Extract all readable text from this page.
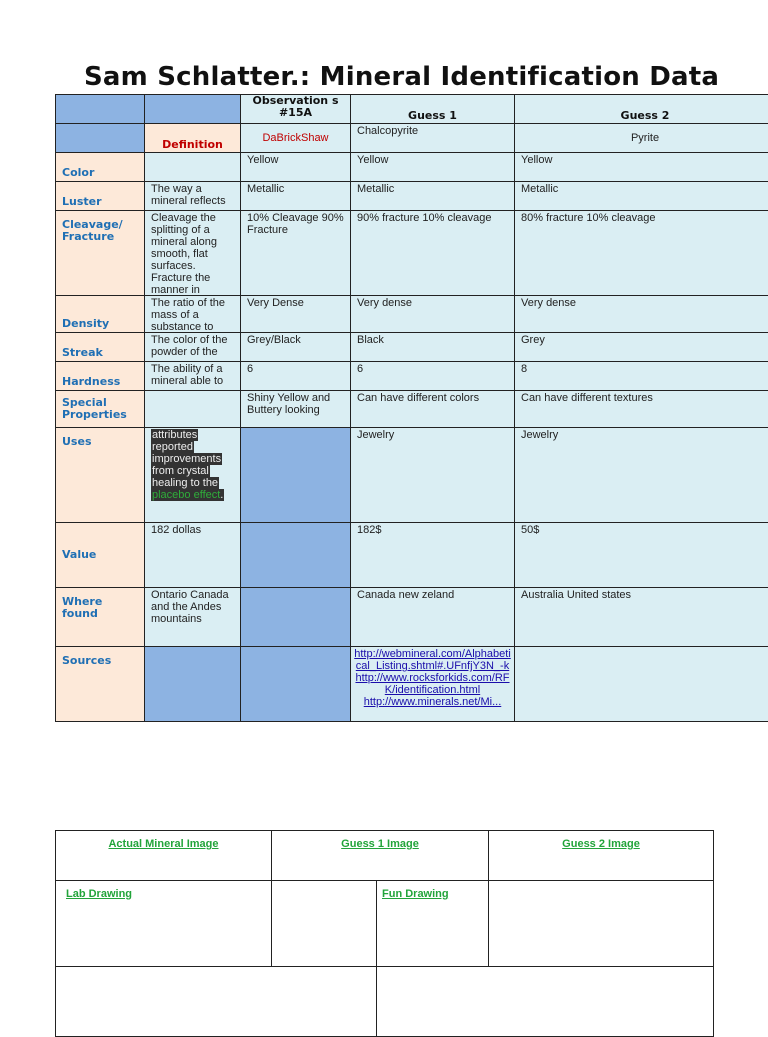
Sam Schlatter.: Mineral Identification Data
		Observation s #15A	Guess 1	Guess 2
	Definition	DaBrickShaw	Chalcopyrite	Pyrite
Color		Yellow	Yellow	Yellow
Luster	The way a mineral reflects	Metallic	Metallic	Metallic
Cleavage/ Fracture	Cleavage the splitting of a mineral along smooth, flat surfaces. Fracture the manner in	10% Cleavage 90% Fracture	90% fracture 10% cleavage	80% fracture 10% cleavage
Density	The ratio of the mass of a substance to	Very Dense	Very dense	Very dense
Streak	The color of the powder of the	Grey/Black	Black	Grey
Hardness	The ability of a mineral able to	6	6	8
Special Properties		Shiny Yellow and Buttery looking	Can have different colors	Can have different textures
Uses	attributes reported improvements from crystal healing to the placebo effect.		Jewelry	Jewelry
Value	182 dollas		182$	50$
Where found	Ontario Canada and the Andes mountains		Canada new zeland	Australia United states
Sources			http://webmineral.com/Alphabetical_Listing.shtml#.UFnfjY3N_-k
http://www.rocksforkids.com/RFK/identification.html
http://www.minerals.net/Mi...	

Actual Mineral Image	Guess 1 Image		Guess 2 Image
Lab Drawing		Fun Drawing	
